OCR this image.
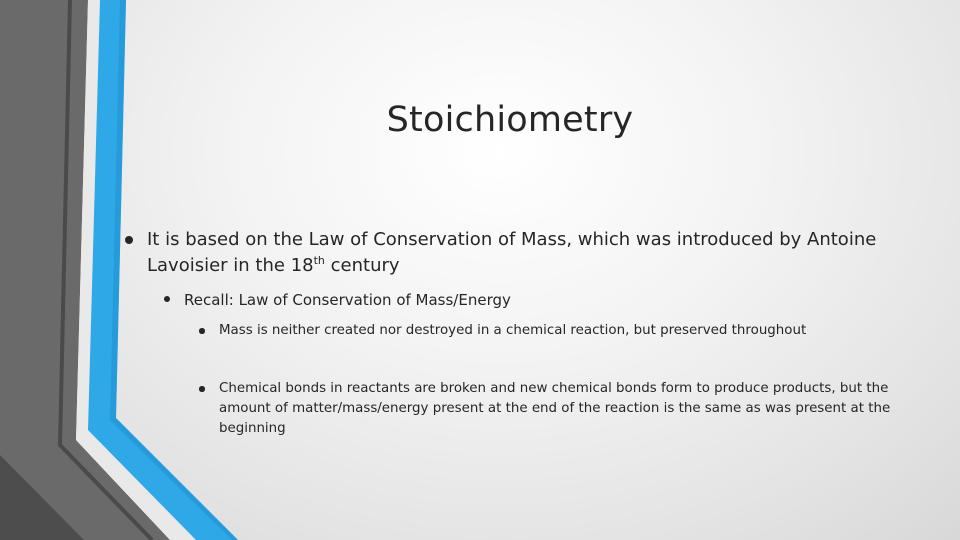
Stoichiometry
It is based on the Law of Conservation of Mass, which was introduced by Antoine Lavoisier in the 18th century
Recall: Law of Conservation of Mass/Energy
Mass is neither created nor destroyed in a chemical reaction, but preserved throughout
Chemical bonds in reactants are broken and new chemical bonds form to produce products, but the amount of matter/mass/energy present at the end of the reaction is the same as was present at the beginning
